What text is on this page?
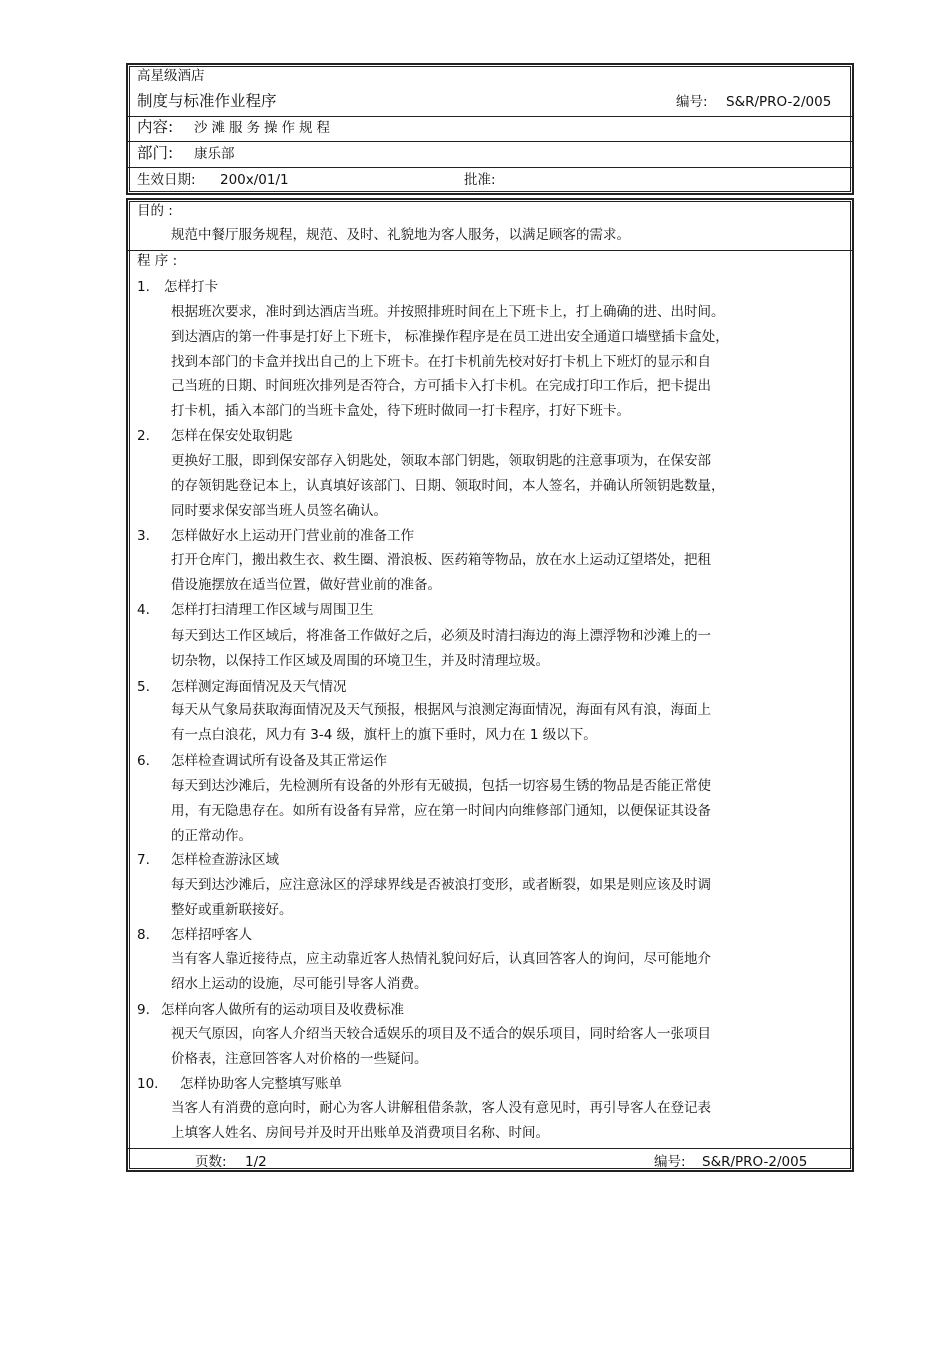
高星级酒店
制度与标准作业程序	编号: S&R/PRO-2/005
内容: 沙滩服务操作规程
部门: 康乐部
生效日期: 200x/01/1	批准:
目的 :
规范中餐厅服务规程，规范、及时、礼貌地为客人服务，以满足顾客的需求。
程 序 :
1. 怎样打卡
根据班次要求，准时到达酒店当班。并按照排班时间在上下班卡上，打上确确的进、出时间。
到达酒店的第一件事是打好上下班卡， 标准操作程序是在员工进出安全通道口墙壁插卡盒处，
找到本部门的卡盒并找出自己的上下班卡。在打卡机前先校对好打卡机上下班灯的显示和自
己当班的日期、时间班次排列是否符合，方可插卡入打卡机。在完成打印工作后，把卡提出
打卡机，插入本部门的当班卡盒处，待下班时做同一打卡程序，打好下班卡。
2. 怎样在保安处取钥匙
更换好工服，即到保安部存入钥匙处，领取本部门钥匙，领取钥匙的注意事项为，在保安部
的存领钥匙登记本上，认真填好该部门、日期、领取时间，本人签名，并确认所领钥匙数量，
同时要求保安部当班人员签名确认。
3. 怎样做好水上运动开门营业前的准备工作
打开仓库门，搬出救生衣、救生圈、滑浪板、医药箱等物品，放在水上运动辽望塔处，把租
借设施摆放在适当位置，做好营业前的准备。
4. 怎样打扫清理工作区域与周围卫生
每天到达工作区域后，将准备工作做好之后，必须及时清扫海边的海上漂浮物和沙滩上的一
切杂物，以保持工作区域及周围的环境卫生，并及时清理垃圾。
5. 怎样测定海面情况及天气情况
每天从气象局获取海面情况及天气预报，根据风与浪测定海面情况，海面有风有浪，海面上
有一点白浪花，风力有 3-4 级，旗杆上的旗下垂时，风力在 1 级以下。
6. 怎样检查调试所有设备及其正常运作
每天到达沙滩后，先检测所有设备的外形有无破损，包括一切容易生锈的物品是否能正常使
用，有无隐患存在。如所有设备有异常，应在第一时间内向维修部门通知，以便保证其设备
的正常动作。
7. 怎样检查游泳区域
每天到达沙滩后，应注意泳区的浮球界线是否被浪打变形，或者断裂，如果是则应该及时调
整好或重新联接好。
8. 怎样招呼客人
当有客人靠近接待点，应主动靠近客人热情礼貌问好后，认真回答客人的询问，尽可能地介
绍水上运动的设施，尽可能引导客人消费。
9. 怎样向客人做所有的运动项目及收费标准
视天气原因，向客人介绍当天较合适娱乐的项目及不适合的娱乐项目，同时给客人一张项目
价格表，注意回答客人对价格的一些疑问。
10. 怎样协助客人完整填写账单
当客人有消费的意向时，耐心为客人讲解租借条款，客人没有意见时，再引导客人在登记表
上填客人姓名、房间号并及时开出账单及消费项目名称、时间。
页数: 1/2	编号: S&R/PRO-2/005
